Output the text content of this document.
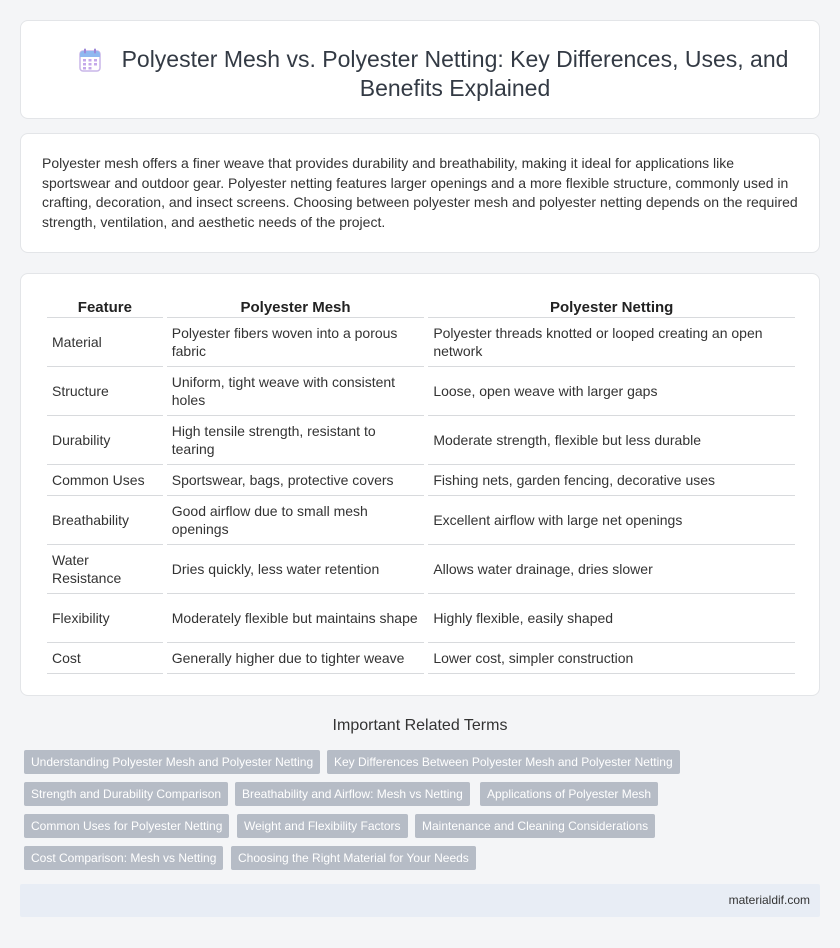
Polyester Mesh vs. Polyester Netting: Key Differences, Uses, and Benefits Explained

Polyester mesh offers a finer weave that provides durability and breathability, making it ideal for applications like sportswear and outdoor gear. Polyester netting features larger openings and a more flexible structure, commonly used in crafting, decoration, and insect screens. Choosing between polyester mesh and polyester netting depends on the required strength, ventilation, and aesthetic needs of the project.

Feature	Polyester Mesh	Polyester Netting
Material	Polyester fibers woven into a porous fabric	Polyester threads knotted or looped creating an open network
Structure	Uniform, tight weave with consistent holes	Loose, open weave with larger gaps
Durability	High tensile strength, resistant to tearing	Moderate strength, flexible but less durable
Common Uses	Sportswear, bags, protective covers	Fishing nets, garden fencing, decorative uses
Breathability	Good airflow due to small mesh openings	Excellent airflow with large net openings
Water Resistance	Dries quickly, less water retention	Allows water drainage, dries slower
Flexibility	Moderately flexible but maintains shape	Highly flexible, easily shaped
Cost	Generally higher due to tighter weave	Lower cost, simpler construction
Important Related Terms
Understanding Polyester Mesh and Polyester Netting	Key Differences Between Polyester Mesh and Polyester Netting
Strength and Durability Comparison	Breathability and Airflow: Mesh vs Netting	Applications of Polyester Mesh
Common Uses for Polyester Netting	Weight and Flexibility Factors	Maintenance and Cleaning Considerations
Cost Comparison: Mesh vs Netting	Choosing the Right Material for Your Needs
materialdif.com
